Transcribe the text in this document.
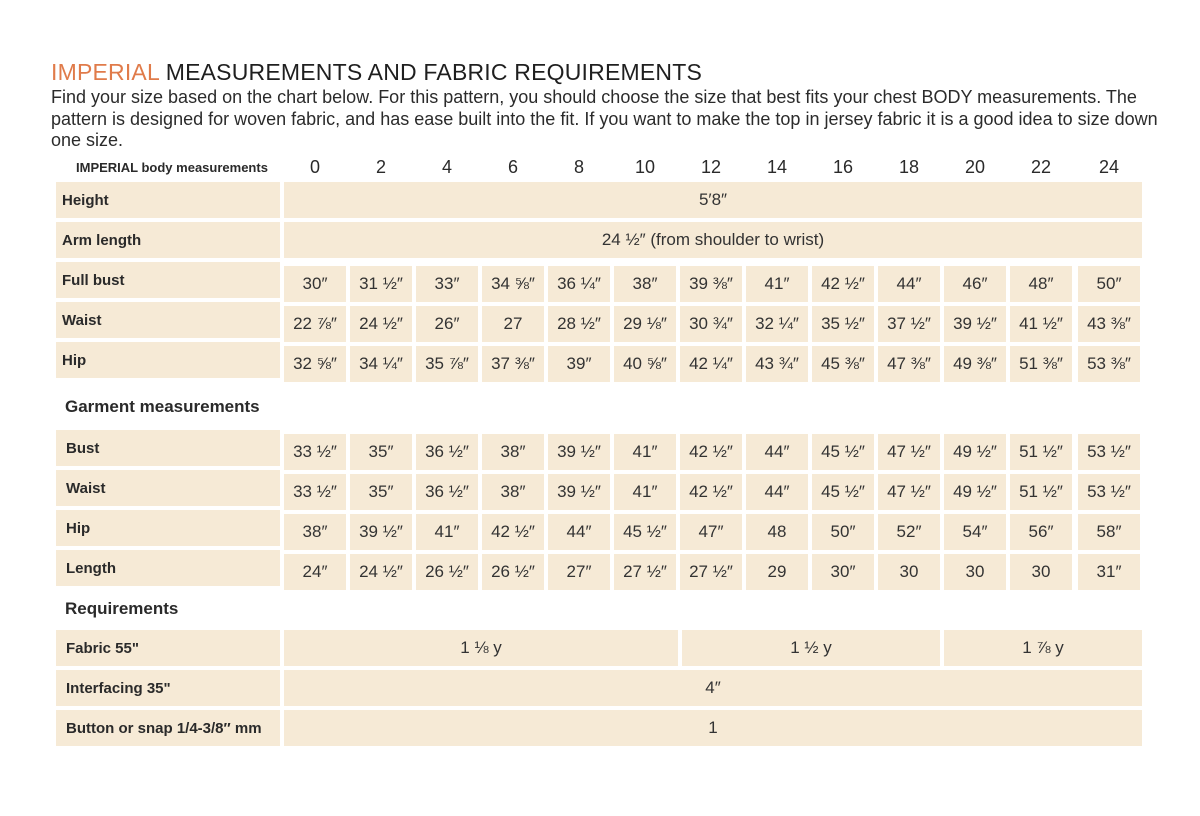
IMPERIAL MEASUREMENTS AND FABRIC REQUIREMENTS
Find your size based on the chart below. For this pattern, you should choose the size that best fits your chest BODY measurements. The pattern is designed for woven fabric, and has ease built into the fit. If you want to make the top in jersey fabric it is a good idea to size down one size.
IMPERIAL body measurements	0	2	4	6	8	10	12	14	16	18	20	22	24
Height	5′8″
Arm length	24 ½″ (from shoulder to wrist)
Full bust	30″	31 ½″	33″	34 ⅝″	36 ¼″	38″	39 ⅜″	41″	42 ½″	44″	46″	48″	50″
Waist	22 ⅞″	24 ½″	26″	27	28 ½″	29 ⅛″	30 ¾″	32 ¼″	35 ½″	37 ½″	39 ½″	41 ½″	43 ⅜″
Hip	32 ⅝″	34 ¼″	35 ⅞″	37 ⅜″	39″	40 ⅝″	42 ¼″	43 ¾″	45 ⅜″	47 ⅜″	49 ⅜″	51 ⅜″	53 ⅜″
Garment measurements
Bust	33 ½″	35″	36 ½″	38″	39 ½″	41″	42 ½″	44″	45 ½″	47 ½″	49 ½″	51 ½″	53 ½″
Waist	33 ½″	35″	36 ½″	38″	39 ½″	41″	42 ½″	44″	45 ½″	47 ½″	49 ½″	51 ½″	53 ½″
Hip	38″	39 ½″	41″	42 ½″	44″	45 ½″	47″	48	50″	52″	54″	56″	58″
Length	24″	24 ½″	26 ½″	26 ½″	27″	27 ½″	27 ½″	29	30″	30	30	30	31″
Requirements
Fabric 55"	1 ⅛ y	1 ½ y	1 ⅞ y
Interfacing 35"	4″
Button or snap 1/4-3/8″ mm	1
